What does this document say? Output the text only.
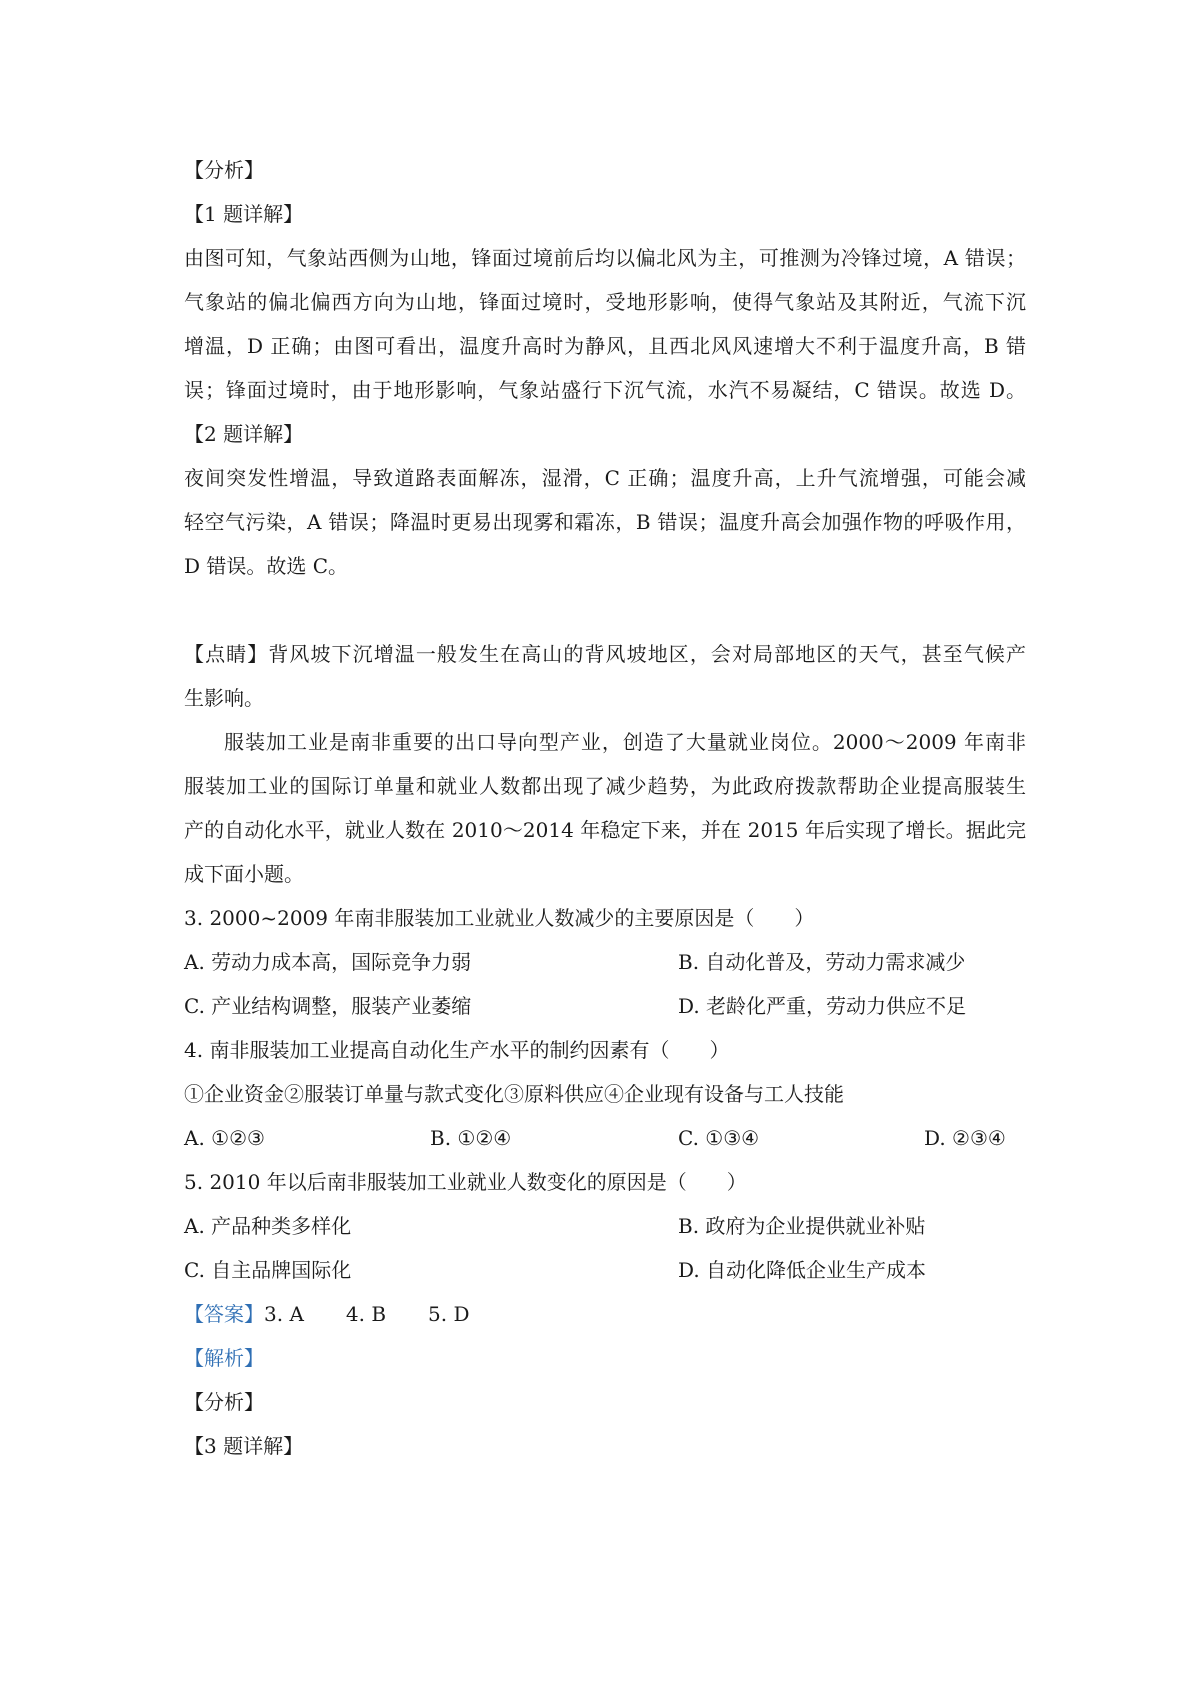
【分析】
【1 题详解】
由图可知，气象站西侧为山地，锋面过境前后均以偏北风为主，可推测为冷锋过境，A 错误；
气象站的偏北偏西方向为山地，锋面过境时，受地形影响，使得气象站及其附近，气流下沉
增温，D 正确；由图可看出，温度升高时为静风，且西北风风速增大不利于温度升高，B 错
误；锋面过境时，由于地形影响，气象站盛行下沉气流，水汽不易凝结，C 错误。故选 D。
【2 题详解】
夜间突发性增温，导致道路表面解冻，湿滑，C 正确；温度升高，上升气流增强，可能会减
轻空气污染，A 错误；降温时更易出现雾和霜冻，B 错误；温度升高会加强作物的呼吸作用，
D 错误。故选 C。
【点睛】背风坡下沉增温一般发生在高山的背风坡地区，会对局部地区的天气，甚至气候产
生影响。
服装加工业是南非重要的出口导向型产业，创造了大量就业岗位。2000～2009 年南非
服装加工业的国际订单量和就业人数都出现了减少趋势，为此政府拨款帮助企业提高服装生
产的自动化水平，就业人数在 2010～2014 年稳定下来，并在 2015 年后实现了增长。据此完
成下面小题。
3. 2000~2009 年南非服装加工业就业人数减少的主要原因是（　　）
A. 劳动力成本高，国际竞争力弱	B. 自动化普及，劳动力需求减少
C. 产业结构调整，服装产业萎缩	D. 老龄化严重，劳动力供应不足
4. 南非服装加工业提高自动化生产水平的制约因素有（　　）
①企业资金②服装订单量与款式变化③原料供应④企业现有设备与工人技能
A. ①②③	B. ①②④	C. ①③④	D. ②③④
5. 2010 年以后南非服装加工业就业人数变化的原因是（　　）
A. 产品种类多样化	B. 政府为企业提供就业补贴
C. 自主品牌国际化	D. 自动化降低企业生产成本
【答案】3. A 4. B 5. D
【解析】
【分析】
【3 题详解】
